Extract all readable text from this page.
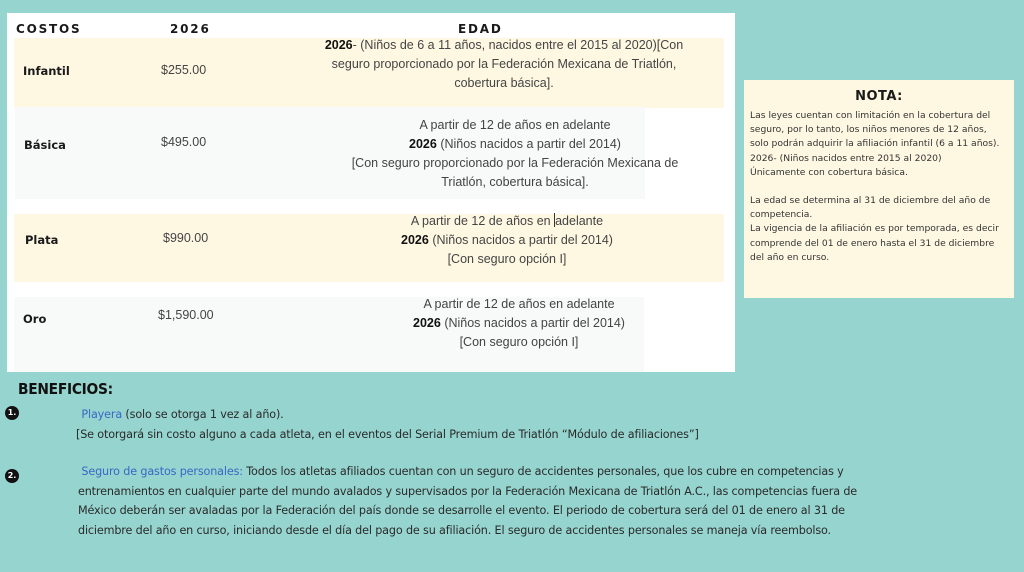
COSTOS	2026	EDAD
Infantil	$255.00
2026- (Niños de 6 a 11 años, nacidos entre el 2015 al 2020)[Con
seguro proporcionado por la Federación Mexicana de Triatlón,
cobertura básica].
Básica	$495.00
A partir de 12 de años en adelante
2026 (Niños nacidos a partir del 2014)
[Con seguro proporcionado por la Federación Mexicana de
Triatlón, cobertura básica].
Plata	$990.00
A partir de 12 de años en adelante
2026 (Niños nacidos a partir del 2014)
[Con seguro opción I]
Oro	$1,590.00
A partir de 12 de años en adelante
2026 (Niños nacidos a partir del 2014)
[Con seguro opción I]
NOTA:

Las leyes cuentan con limitación en la cobertura del seguro, por lo tanto, los niños menores de 12 años, solo podrán adquirir la afiliación infantil (6 a 11 años).

2026- (Niños nacidos entre 2015 al 2020)

Únicamente con cobertura básica.

La edad se determina al 31 de diciembre del año de competencia.

La vigencia de la afiliación es por temporada, es decir comprende del 01 de enero hasta el 31 de diciembre del año en curso.

BENEFICIOS:
1.	Playera (solo se otorga 1 vez al año).
[Se otorgará sin costo alguno a cada atleta, en el eventos del Serial Premium de Triatlón “Módulo de afiliaciones”]
2.	Seguro de gastos personales: Todos los atletas afiliados cuentan con un seguro de accidentes personales, que los cubre en competencias y
entrenamientos en cualquier parte del mundo avalados y supervisados por la Federación Mexicana de Triatlón A.C., las competencias fuera de
México deberán ser avaladas por la Federación del país donde se desarrolle el evento. El periodo de cobertura será del 01 de enero al 31 de
diciembre del año en curso, iniciando desde el día del pago de su afiliación. El seguro de accidentes personales se maneja vía reembolso.
